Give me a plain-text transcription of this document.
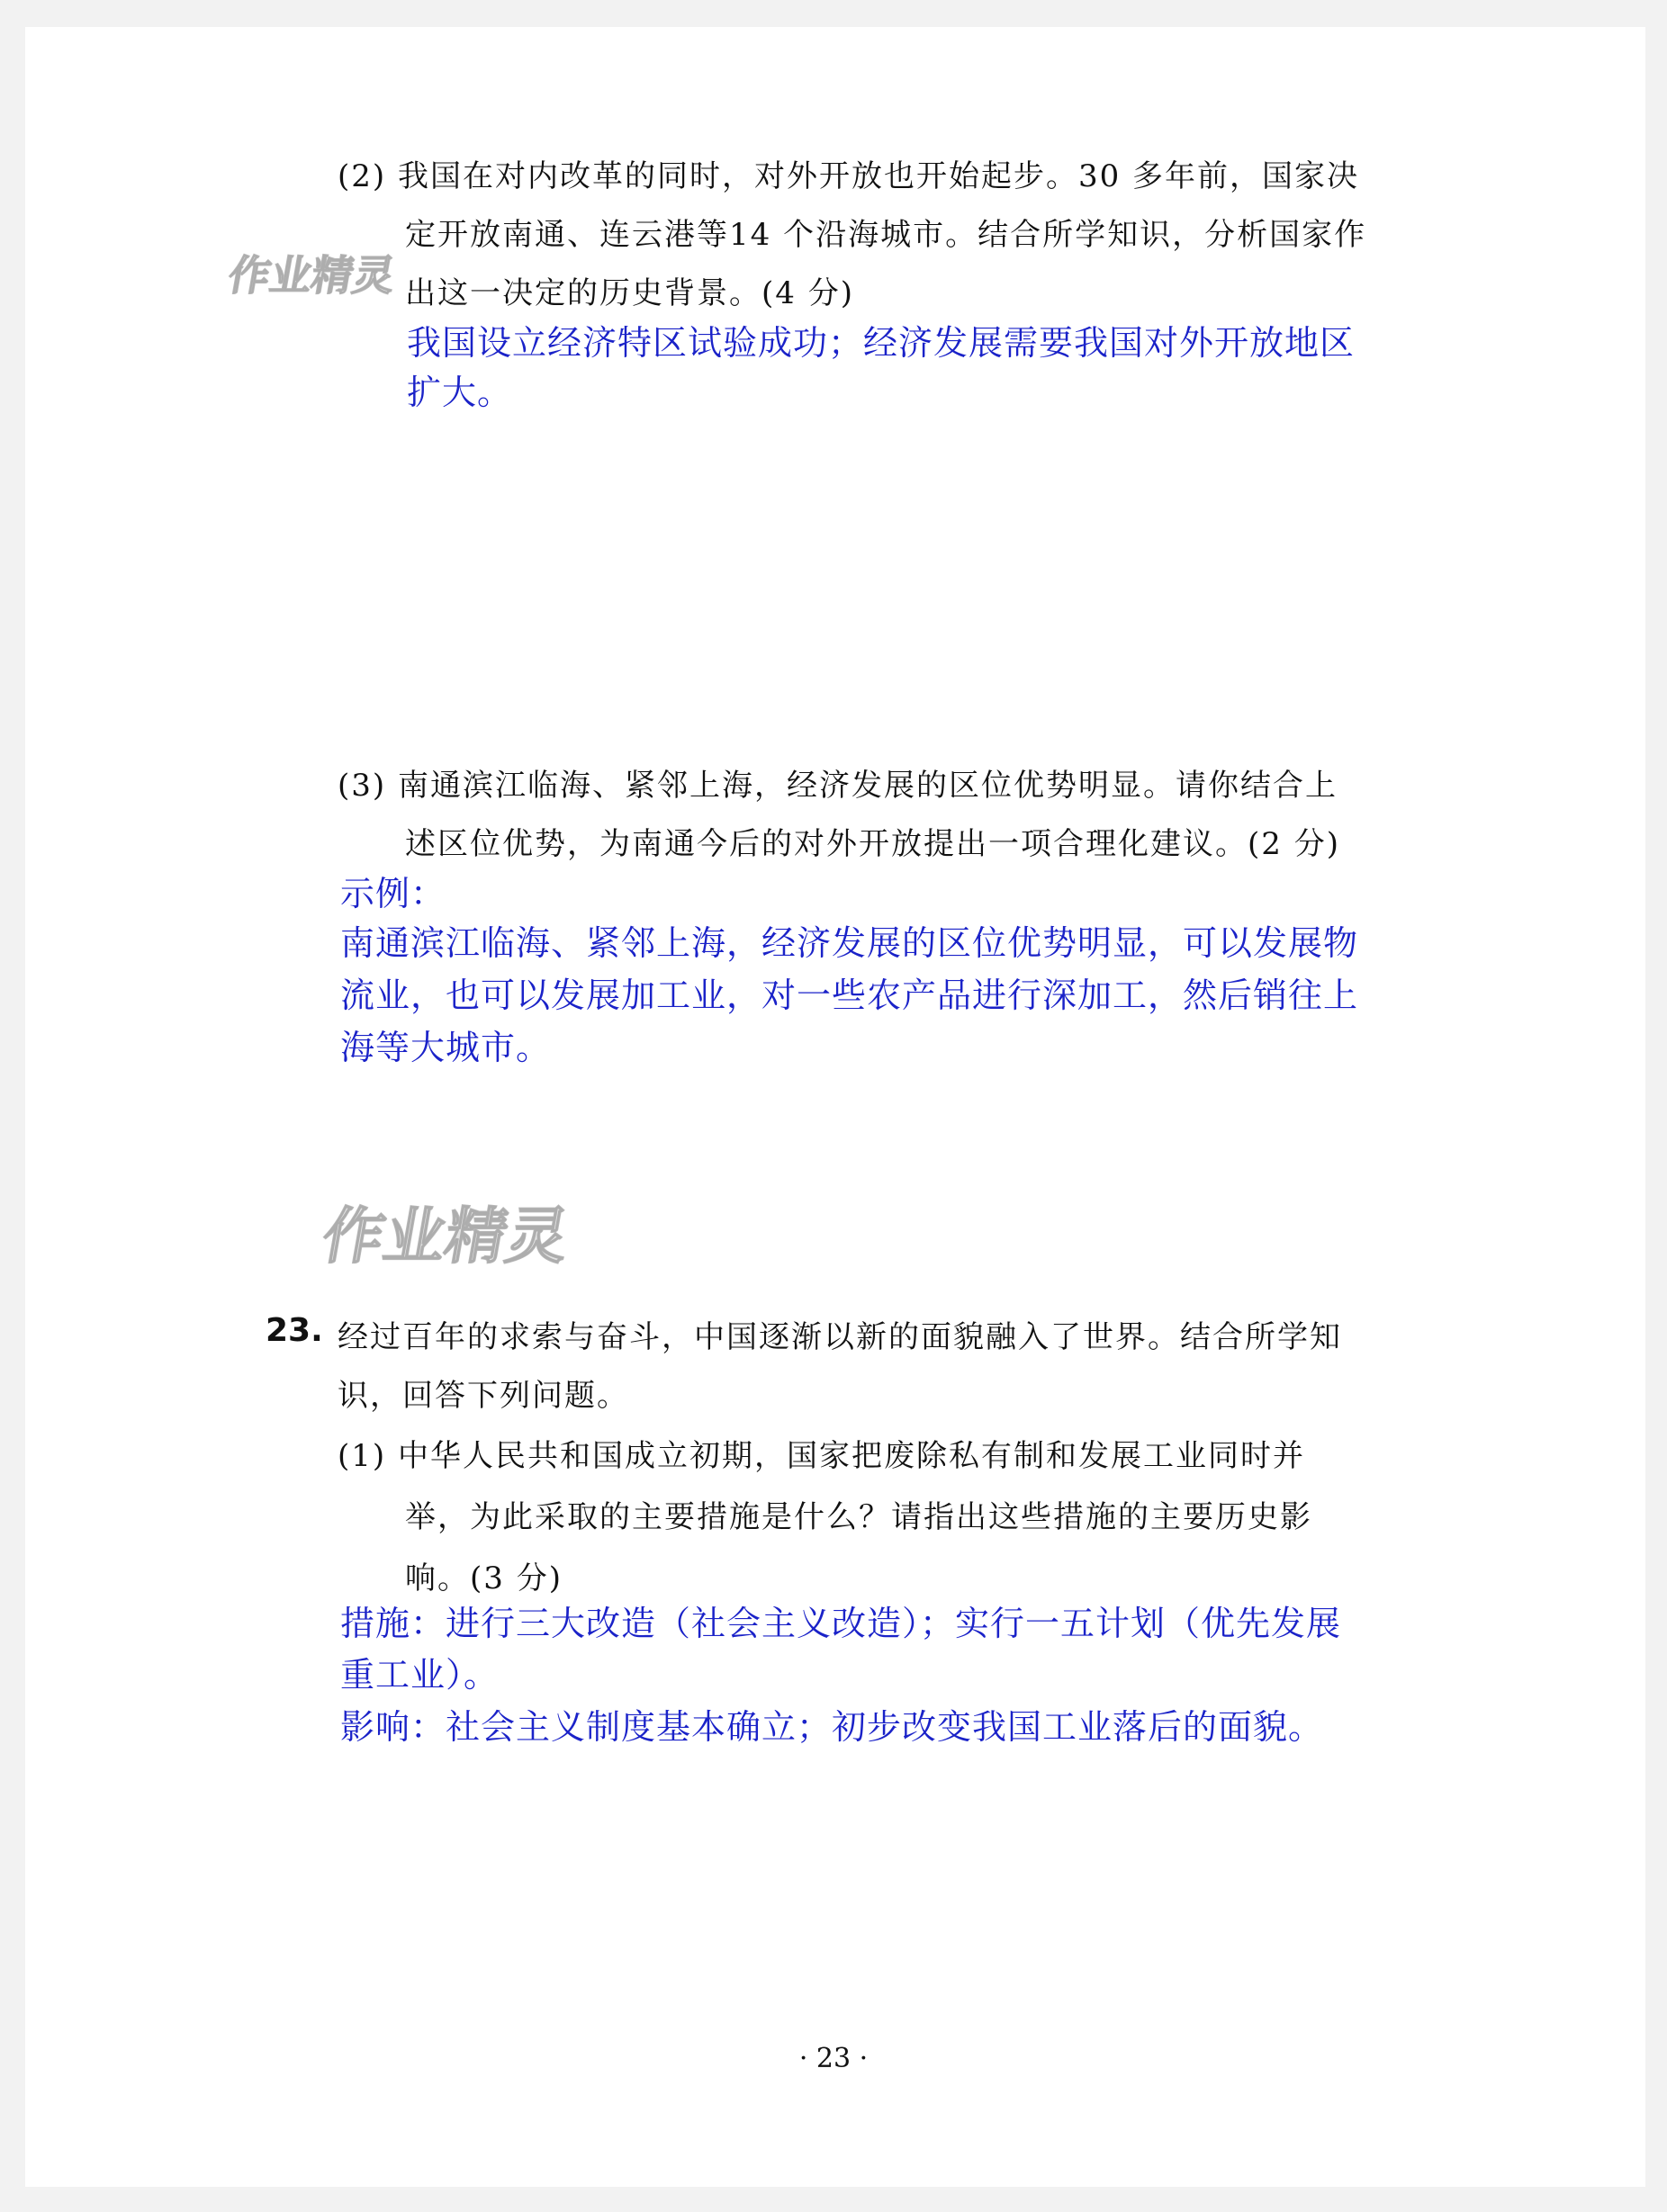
(2) 我国在对内改革的同时，对外开放也开始起步。30 多年前，国家决

定开放南通、连云港等14 个沿海城市。结合所学知识，分析国家作

出这一决定的历史背景。(4 分)

我国设立经济特区试验成功；经济发展需要我国对外开放地区

扩大。

作业精灵

(3) 南通滨江临海、紧邻上海，经济发展的区位优势明显。请你结合上

述区位优势，为南通今后的对外开放提出一项合理化建议。(2 分)

示例：

南通滨江临海、紧邻上海，经济发展的区位优势明显，可以发展物

流业，也可以发展加工业，对一些农产品进行深加工，然后销往上

海等大城市。

作业精灵
23. 经过百年的求索与奋斗，中国逐渐以新的面貌融入了世界。结合所学知

识，回答下列问题。

(1) 中华人民共和国成立初期，国家把废除私有制和发展工业同时并

举，为此采取的主要措施是什么？请指出这些措施的主要历史影

响。(3 分)

措施：进行三大改造（社会主义改造）；实行一五计划（优先发展

重工业）。

影响：社会主义制度基本确立；初步改变我国工业落后的面貌。

· 23 ·
